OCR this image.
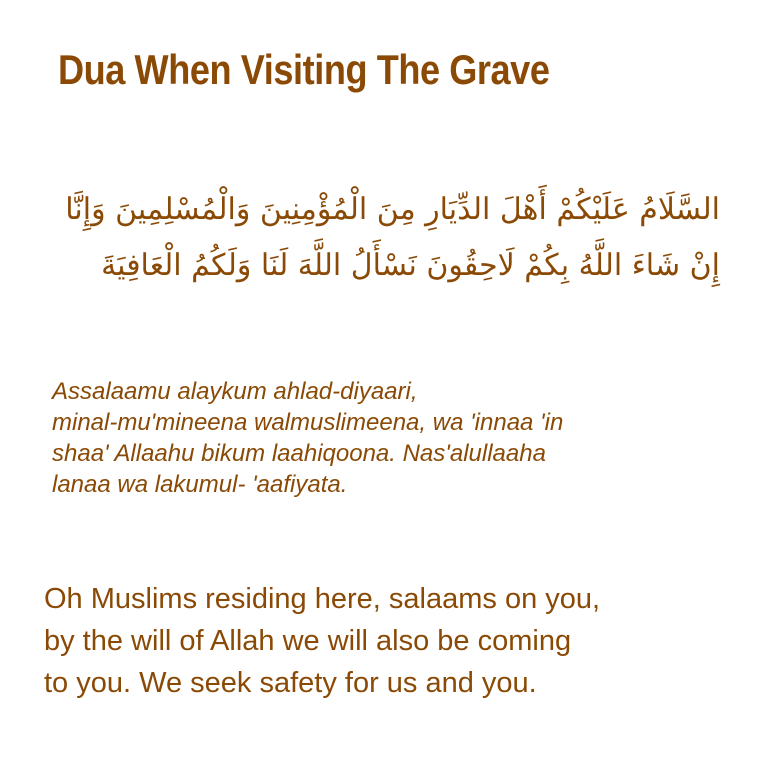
Dua When Visiting The Grave
السَّلَامُ عَلَيْكُمْ أَهْلَ الدِّيَارِ مِنَ الْمُؤْمِنِينَ وَالْمُسْلِمِينَ وَإِنَّا
إِنْ شَاءَ اللَّهُ بِكُمْ لَاحِقُونَ نَسْأَلُ اللَّهَ لَنَا وَلَكُمُ الْعَافِيَةَ
Assalaamu alaykum ahlad-diyaari,
minal-mu'mineena walmuslimeena, wa 'innaa 'in
shaa' Allaahu bikum laahiqoona. Nas'alullaaha
lanaa wa lakumul- 'aafiyata.
Oh Muslims residing here, salaams on you,
by the will of Allah we will also be coming
to you. We seek safety for us and you.
